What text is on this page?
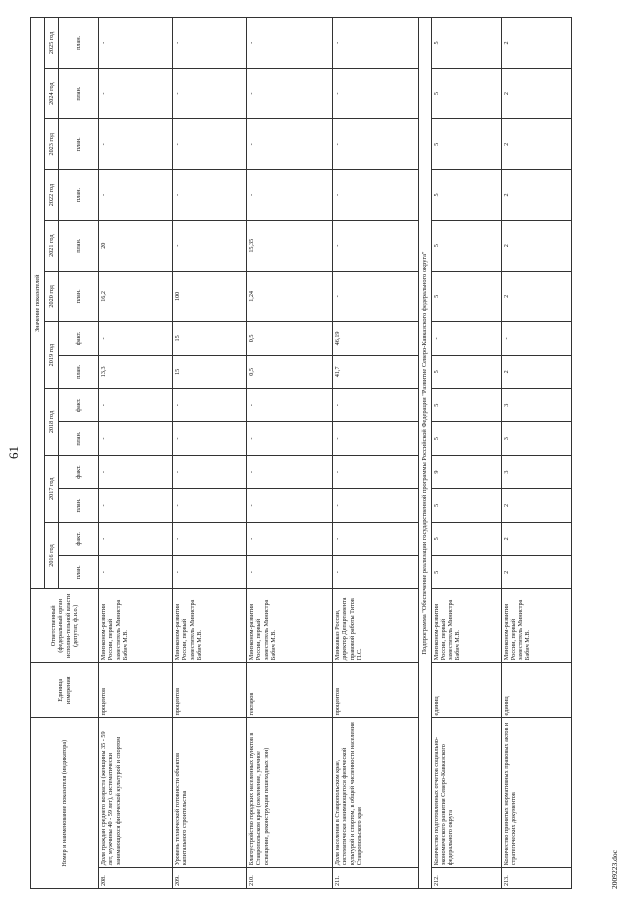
61
Номер и наименование показателя (индикатора)		Единица измерения	Ответственный (федеральный орган исполни-тельной власти (депутат, ф.и.о.)	Значение показателей													
				2016 год		2017 год		2018 год		2019 год		2020 год	2021 год	2022 год	2023 год	2024 год	2025 год
				план.	факт.	план.	факт.	план.	факт.	план.	факт.	план.	план.	план.	план.	план.	план.
208.	Доля граждан среднего возраста (женщины 35 - 59 лет, мужчины 40 - 59 лет), систематически занимающихся физической культурой и спортом	процентов	Минэконом-развития России, первый заместитель Министра Бабич М.В.	-	-	-	-	-	-	13,3	-	16,2	20	-	-	-	-
209.	Уровень технической готовности объектов капитального строительства	процентов	Минэконом-развития России, первый заместитель Министра Бабич М.В.	-	-	-	-	-	-	15	15	100	-	-	-	-	-
210.	Благоустройство городских населенных пунктов в Ставропольском крае (озеленение, уличное освещение, реконструкция пешеходных зон)	гектаров	Минэконом-развития России, первый заместитель Министра Бабич М.В.	-	-	-	-	-	-	0,5	0,5	1,24	15,35	-	-	-	-
211.	Доля населения в Ставропольском крае, систематически занимающегося физической культурой и спортом, в общей численности населения Ставропольского края	процентов	Минкавказ России, директор Департамента правовой работы Титов П.С.	-	-	-	-	-	-	41,7	46,19	-	-	-	-	-	-
Подпрограмма "Обеспечение реализации государственной программы Российской Федерации "Развитие Северо-Кавказского федерального округа"																	
212.	Количество подготовленных отчетов социально-экономического развития Северо-Кавказского федерального округа	единиц	Минэконом-развития России, первый заместитель Министра Бабич М.В.	5	5	5	9	5	5	5	-	5	5	5	5	5	5
213.	Количество принятых нормативных правовых актов и стратегических документов	единиц	Минэконом-развития России, первый заместитель Министра Бабич М.В.	2	2	2	3	3	3	2	-	2	2	2	2	2	2
2009223.doc
